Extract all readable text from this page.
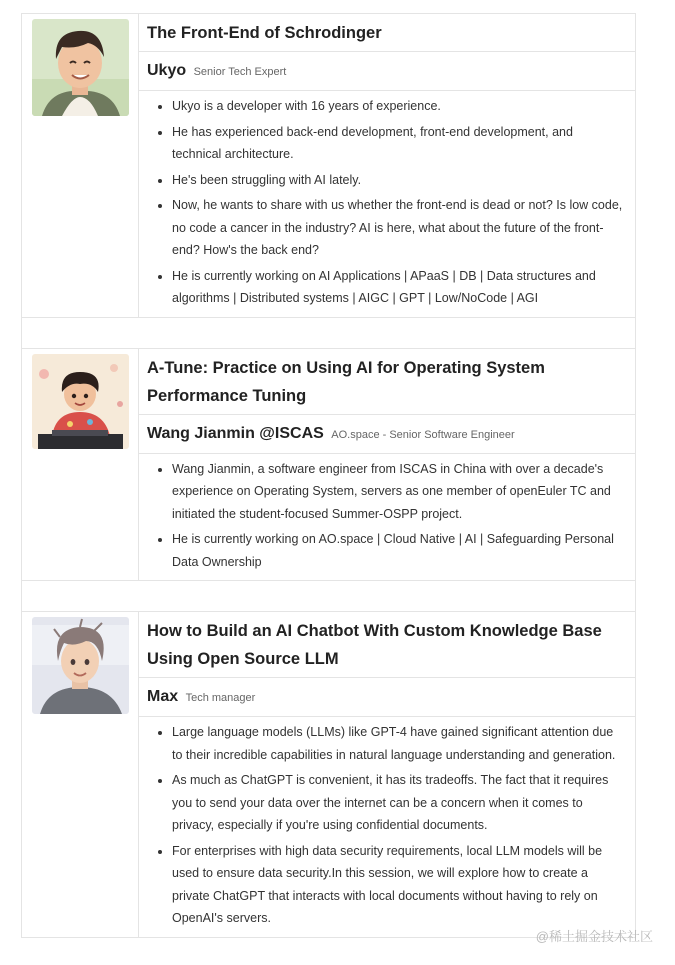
The Front-End of Schrodinger
Ukyo Senior Tech Expert
• Ukyo is a developer with 16 years of experience.
• He has experienced back-end development, front-end development, and technical architecture.
• He's been struggling with AI lately.
• Now, he wants to share with us whether the front-end is dead or not? Is low code, no code a cancer in the industry? AI is here, what about the future of the front-end? How's the back end?
• He is currently working on AI Applications | APaaS | DB | Data structures and algorithms | Distributed systems | AIGC | GPT | Low/NoCode | AGI
A-Tune: Practice on Using AI for Operating System Performance Tuning
Wang Jianmin @ISCAS AO.space - Senior Software Engineer
• Wang Jianmin, a software engineer from ISCAS in China with over a decade's experience on Operating System, servers as one member of openEuler TC and initiated the student-focused Summer-OSPP project.
• He is currently working on AO.space | Cloud Native | AI | Safeguarding Personal Data Ownership
How to Build an AI Chatbot With Custom Knowledge Base Using Open Source LLM
Max Tech manager
• Large language models (LLMs) like GPT-4 have gained significant attention due to their incredible capabilities in natural language understanding and generation.
• As much as ChatGPT is convenient, it has its tradeoffs. The fact that it requires you to send your data over the internet can be a concern when it comes to privacy, especially if you're using confidential documents.
• For enterprises with high data security requirements, local LLM models will be used to ensure data security.In this session, we will explore how to create a private ChatGPT that interacts with local documents without having to rely on OpenAI's servers.
@稀土掘金技术社区
